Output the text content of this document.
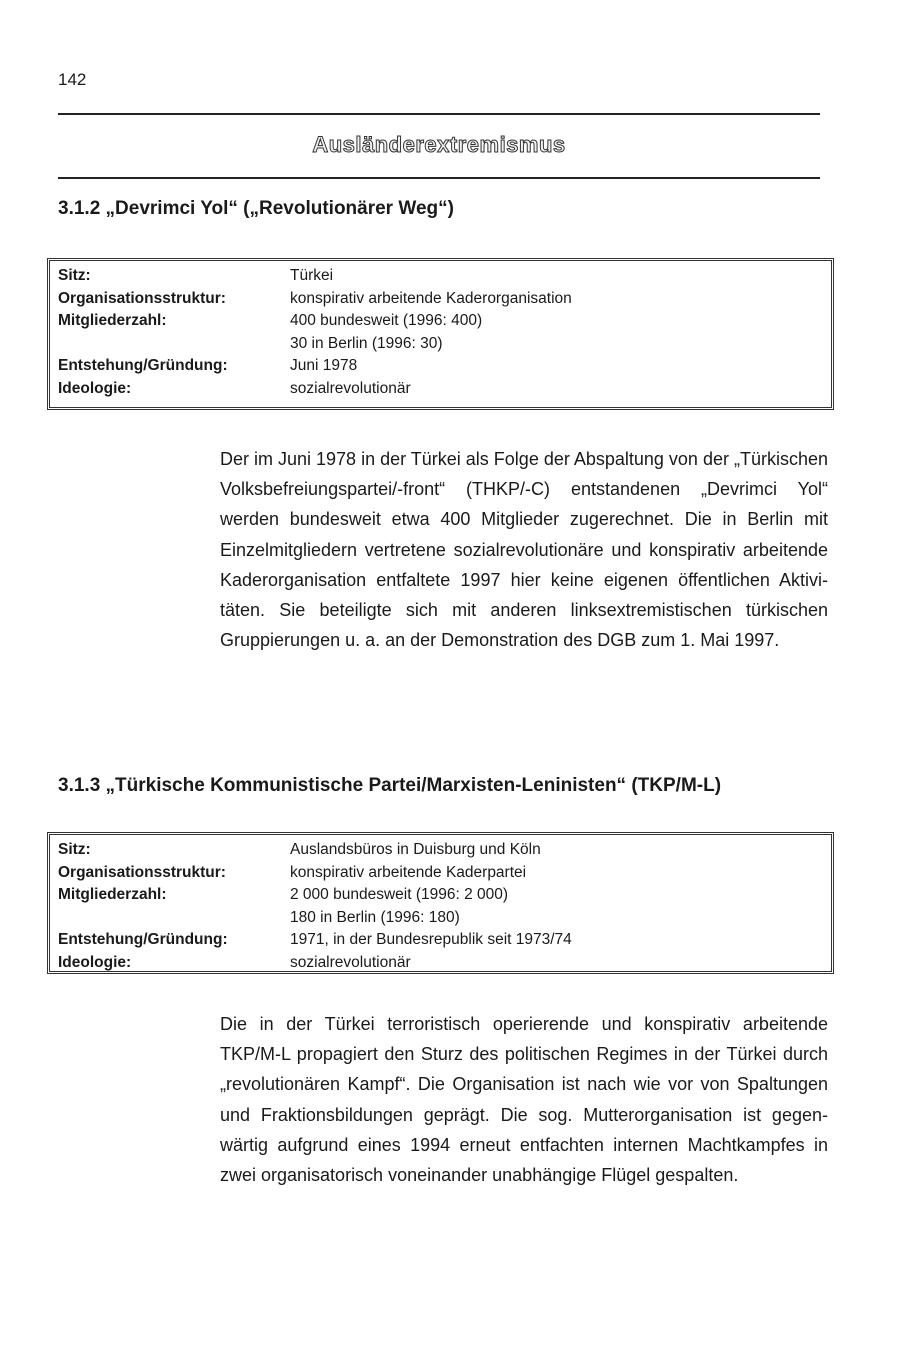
142
Ausländerextremismus
3.1.2 „Devrimci Yol“ („Revolutionärer Weg“)
Sitz:	Türkei
Organisationsstruktur:	konspirativ arbeitende Kaderorganisation
Mitgliederzahl:	400 bundesweit (1996: 400)
30 in Berlin (1996: 30)
Entstehung/Gründung:	Juni 1978
Ideologie:	sozialrevolutionär
Der im Juni 1978 in der Türkei als Folge der Abspaltung von der „Türkischen Volksbefreiungspartei/-front“ (THKP/-C) entstandenen „Devrimci Yol“ werden bundesweit etwa 400 Mitglieder zugerechnet. Die in Berlin mit Einzelmitgliedern vertretene sozialrevolutionäre und konspirativ arbeitende Kaderorganisation entfaltete 1997 hier keine eigenen öffentlichen Aktivitäten. Sie beteiligte sich mit anderen linksextremistischen türkischen Gruppierungen u. a. an der Demonstration des DGB zum 1. Mai 1997.
3.1.3 „Türkische Kommunistische Partei/Marxisten-Leninisten“ (TKP/M-L)
Sitz:	Auslandsbüros in Duisburg und Köln
Organisationsstruktur:	konspirativ arbeitende Kaderpartei
Mitgliederzahl:	2 000 bundesweit (1996: 2 000)
180 in Berlin (1996: 180)
Entstehung/Gründung:	1971, in der Bundesrepublik seit 1973/74
Ideologie:	sozialrevolutionär
Die in der Türkei terroristisch operierende und konspirativ arbeitende TKP/M-L propagiert den Sturz des politischen Regimes in der Türkei durch „revolutionären Kampf“. Die Organisation ist nach wie vor von Spaltungen und Fraktionsbildungen geprägt. Die sog. Mutterorganisation ist gegenwärtig aufgrund eines 1994 erneut entfachten internen Machtkampfes in zwei organisatorisch voneinander unabhängige Flügel gespalten.
